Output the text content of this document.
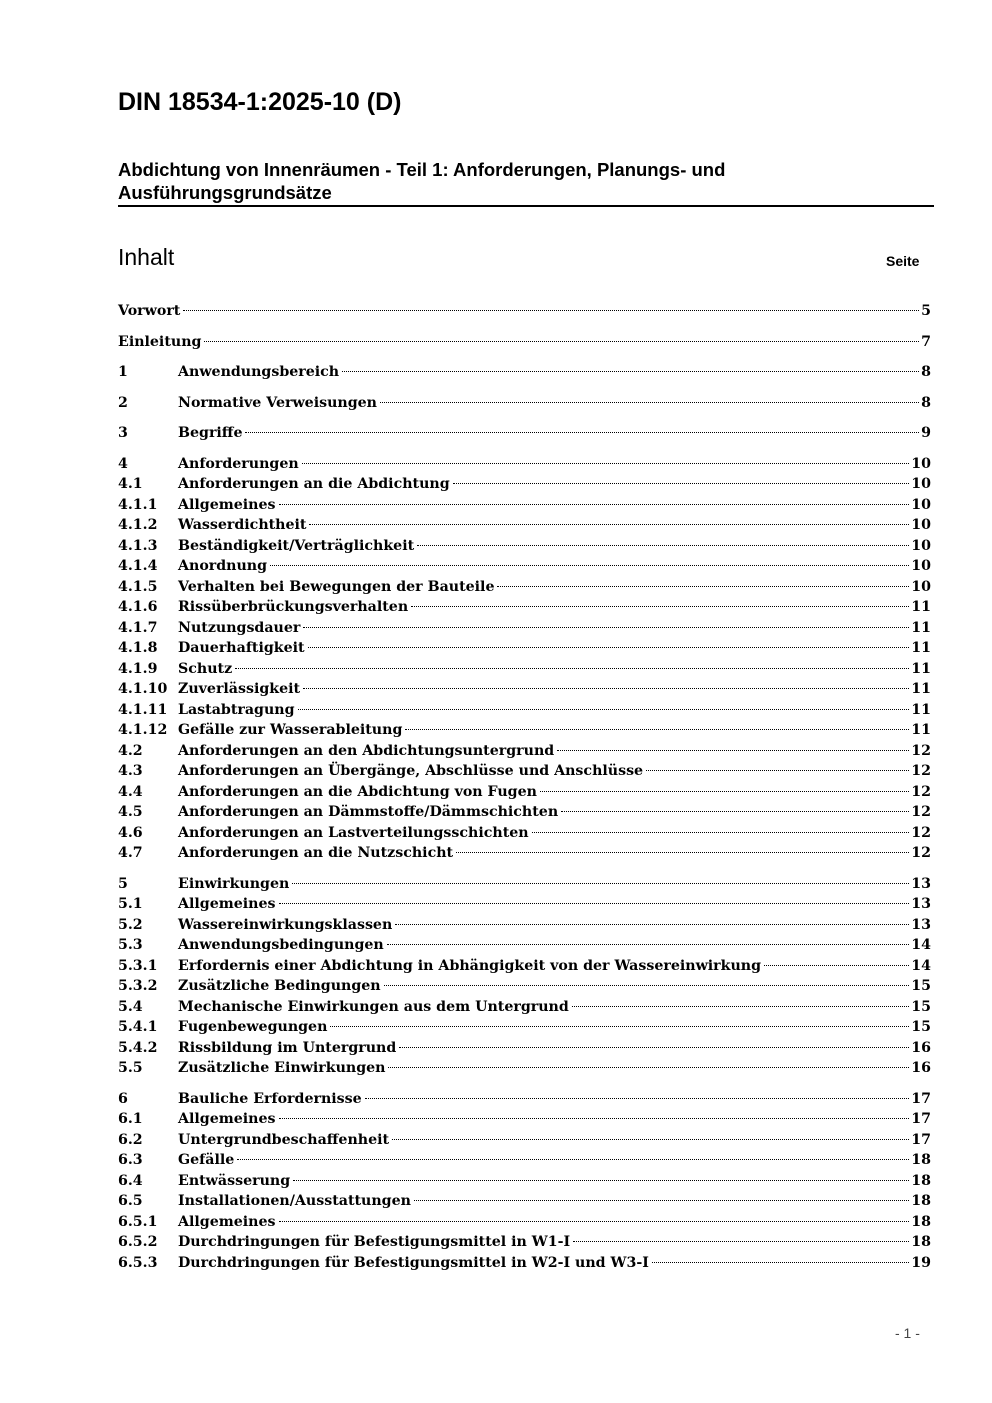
DIN 18534-1:2025-10 (D)
Abdichtung von Innenräumen - Teil 1: Anforderungen, Planungs- und Ausführungsgrundsätze
Inhalt	Seite
Vorwort	5
Einleitung	7
1	Anwendungsbereich	8
2	Normative Verweisungen	8
3	Begriffe	9
4	Anforderungen	10
4.1	Anforderungen an die Abdichtung	10
4.1.1	Allgemeines	10
4.1.2	Wasserdichtheit	10
4.1.3	Beständigkeit/Verträglichkeit	10
4.1.4	Anordnung	10
4.1.5	Verhalten bei Bewegungen der Bauteile	10
4.1.6	Rissüberbrückungsverhalten	11
4.1.7	Nutzungsdauer	11
4.1.8	Dauerhaftigkeit	11
4.1.9	Schutz	11
4.1.10 Zuverlässigkeit	11
4.1.11 Lastabtragung	11
4.1.12 Gefälle zur Wasserableitung	11
4.2	Anforderungen an den Abdichtungsuntergrund	12
4.3	Anforderungen an Übergänge, Abschlüsse und Anschlüsse	12
4.4	Anforderungen an die Abdichtung von Fugen	12
4.5	Anforderungen an Dämmstoffe/Dämmschichten	12
4.6	Anforderungen an Lastverteilungsschichten	12
4.7	Anforderungen an die Nutzschicht	12
5	Einwirkungen	13
5.1	Allgemeines	13
5.2	Wassereinwirkungsklassen	13
5.3	Anwendungsbedingungen	14
5.3.1	Erfordernis einer Abdichtung in Abhängigkeit von der Wassereinwirkung	14
5.3.2	Zusätzliche Bedingungen	15
5.4	Mechanische Einwirkungen aus dem Untergrund	15
5.4.1	Fugenbewegungen	15
5.4.2	Rissbildung im Untergrund	16
5.5	Zusätzliche Einwirkungen	16
6	Bauliche Erfordernisse	17
6.1	Allgemeines	17
6.2	Untergrundbeschaffenheit	17
6.3	Gefälle	18
6.4	Entwässerung	18
6.5	Installationen/Ausstattungen	18
6.5.1	Allgemeines	18
6.5.2	Durchdringungen für Befestigungsmittel in W1-I	18
6.5.3	Durchdringungen für Befestigungsmittel in W2-I und W3-I	19
- 1 -
